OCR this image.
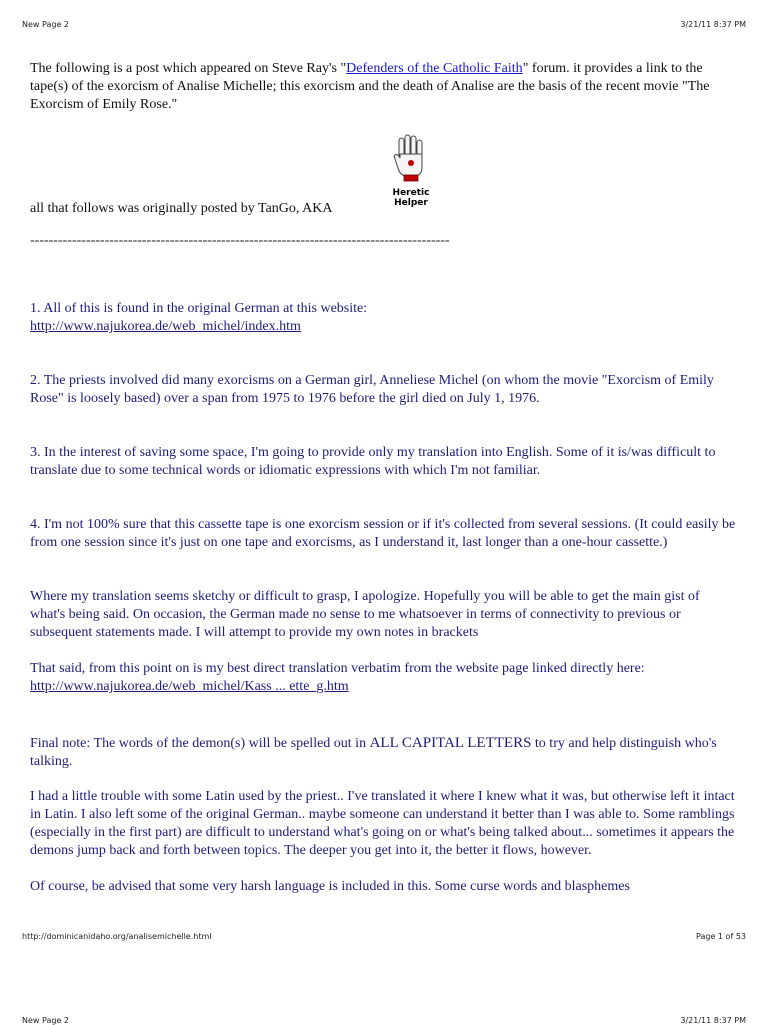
New Page 2	3/21/11 8:37 PM

The following is a post which appeared on Steve Ray's "Defenders of the Catholic Faith" forum. it provides a link to the tape(s) of the exorcism of Analise Michelle; this exorcism and the death of Analise are the basis of the recent movie "The Exorcism of Emily Rose."

Heretic
Helper
all that follows was originally posted by TanGo, AKA
------------------------------------------------------------------------------------------

1. All of this is found in the original German at this website:
http://www.najukorea.de/web_michel/index.htm

2. The priests involved did many exorcisms on a German girl, Anneliese Michel (on whom the movie "Exorcism of Emily Rose" is loosely based) over a span from 1975 to 1976 before the girl died on July 1, 1976.

3. In the interest of saving some space, I'm going to provide only my translation into English. Some of it is/was difficult to translate due to some technical words or idiomatic expressions with which I'm not familiar.

4. I'm not 100% sure that this cassette tape is one exorcism session or if it's collected from several sessions. (It could easily be from one session since it's just on one tape and exorcisms, as I understand it, last longer than a one-hour cassette.)

Where my translation seems sketchy or difficult to grasp, I apologize. Hopefully you will be able to get the main gist of what's being said. On occasion, the German made no sense to me whatsoever in terms of connectivity to previous or subsequent statements made. I will attempt to provide my own notes in brackets

That said, from this point on is my best direct translation verbatim from the website page linked directly here: http://www.najukorea.de/web_michel/Kass ... ette_g.htm

Final note: The words of the demon(s) will be spelled out in ALL CAPITAL LETTERS to try and help distinguish who's talking.

I had a little trouble with some Latin used by the priest.. I've translated it where I knew what it was, but otherwise left it intact in Latin. I also left some of the original German.. maybe someone can understand it better than I was able to. Some ramblings (especially in the first part) are difficult to understand what's going on or what's being talked about... sometimes it appears the demons jump back and forth between topics. The deeper you get into it, the better it flows, however.

Of course, be advised that some very harsh language is included in this. Some curse words and blasphemes

http://dominicanidaho.org/analisemichelle.html	Page 1 of 53
New Page 2	3/21/11 8:37 PM
